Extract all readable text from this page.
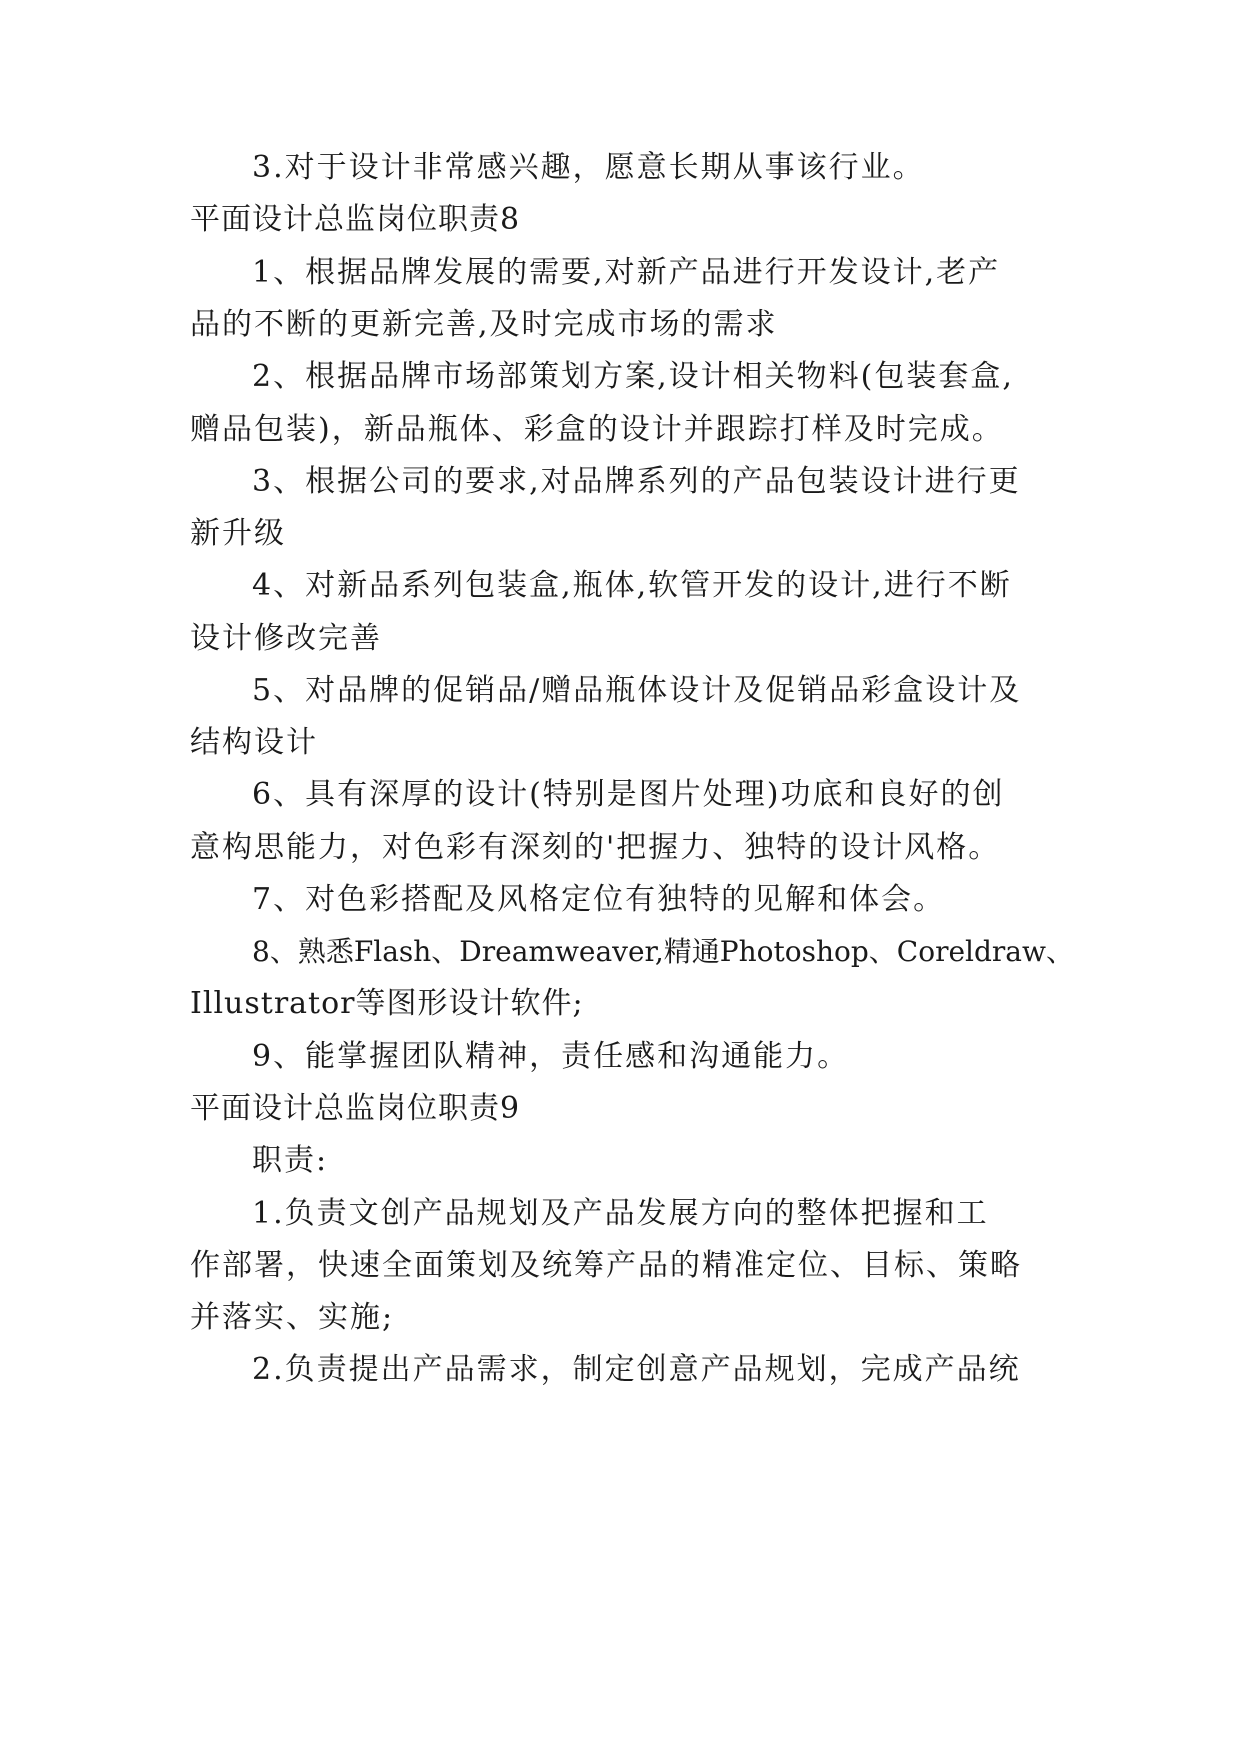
3.对于设计非常感兴趣，愿意长期从事该行业。
平面设计总监岗位职责8
1、根据品牌发展的需要,对新产品进行开发设计,老产
品的不断的更新完善,及时完成市场的需求
2、根据品牌市场部策划方案,设计相关物料(包装套盒,
赠品包装)，新品瓶体、彩盒的设计并跟踪打样及时完成。
3、根据公司的要求,对品牌系列的产品包装设计进行更
新升级
4、对新品系列包装盒,瓶体,软管开发的设计,进行不断
设计修改完善
5、对品牌的促销品/赠品瓶体设计及促销品彩盒设计及
结构设计
6、具有深厚的设计(特别是图片处理)功底和良好的创
意构思能力，对色彩有深刻的'把握力、独特的设计风格。
7、对色彩搭配及风格定位有独特的见解和体会。
8、熟悉Flash、Dreamweaver,精通Photoshop、Coreldraw、
Illustrator等图形设计软件;
9、能掌握团队精神，责任感和沟通能力。
平面设计总监岗位职责9
职责:
1.负责文创产品规划及产品发展方向的整体把握和工
作部署，快速全面策划及统筹产品的精准定位、目标、策略
并落实、实施;
2.负责提出产品需求，制定创意产品规划，完成产品统
